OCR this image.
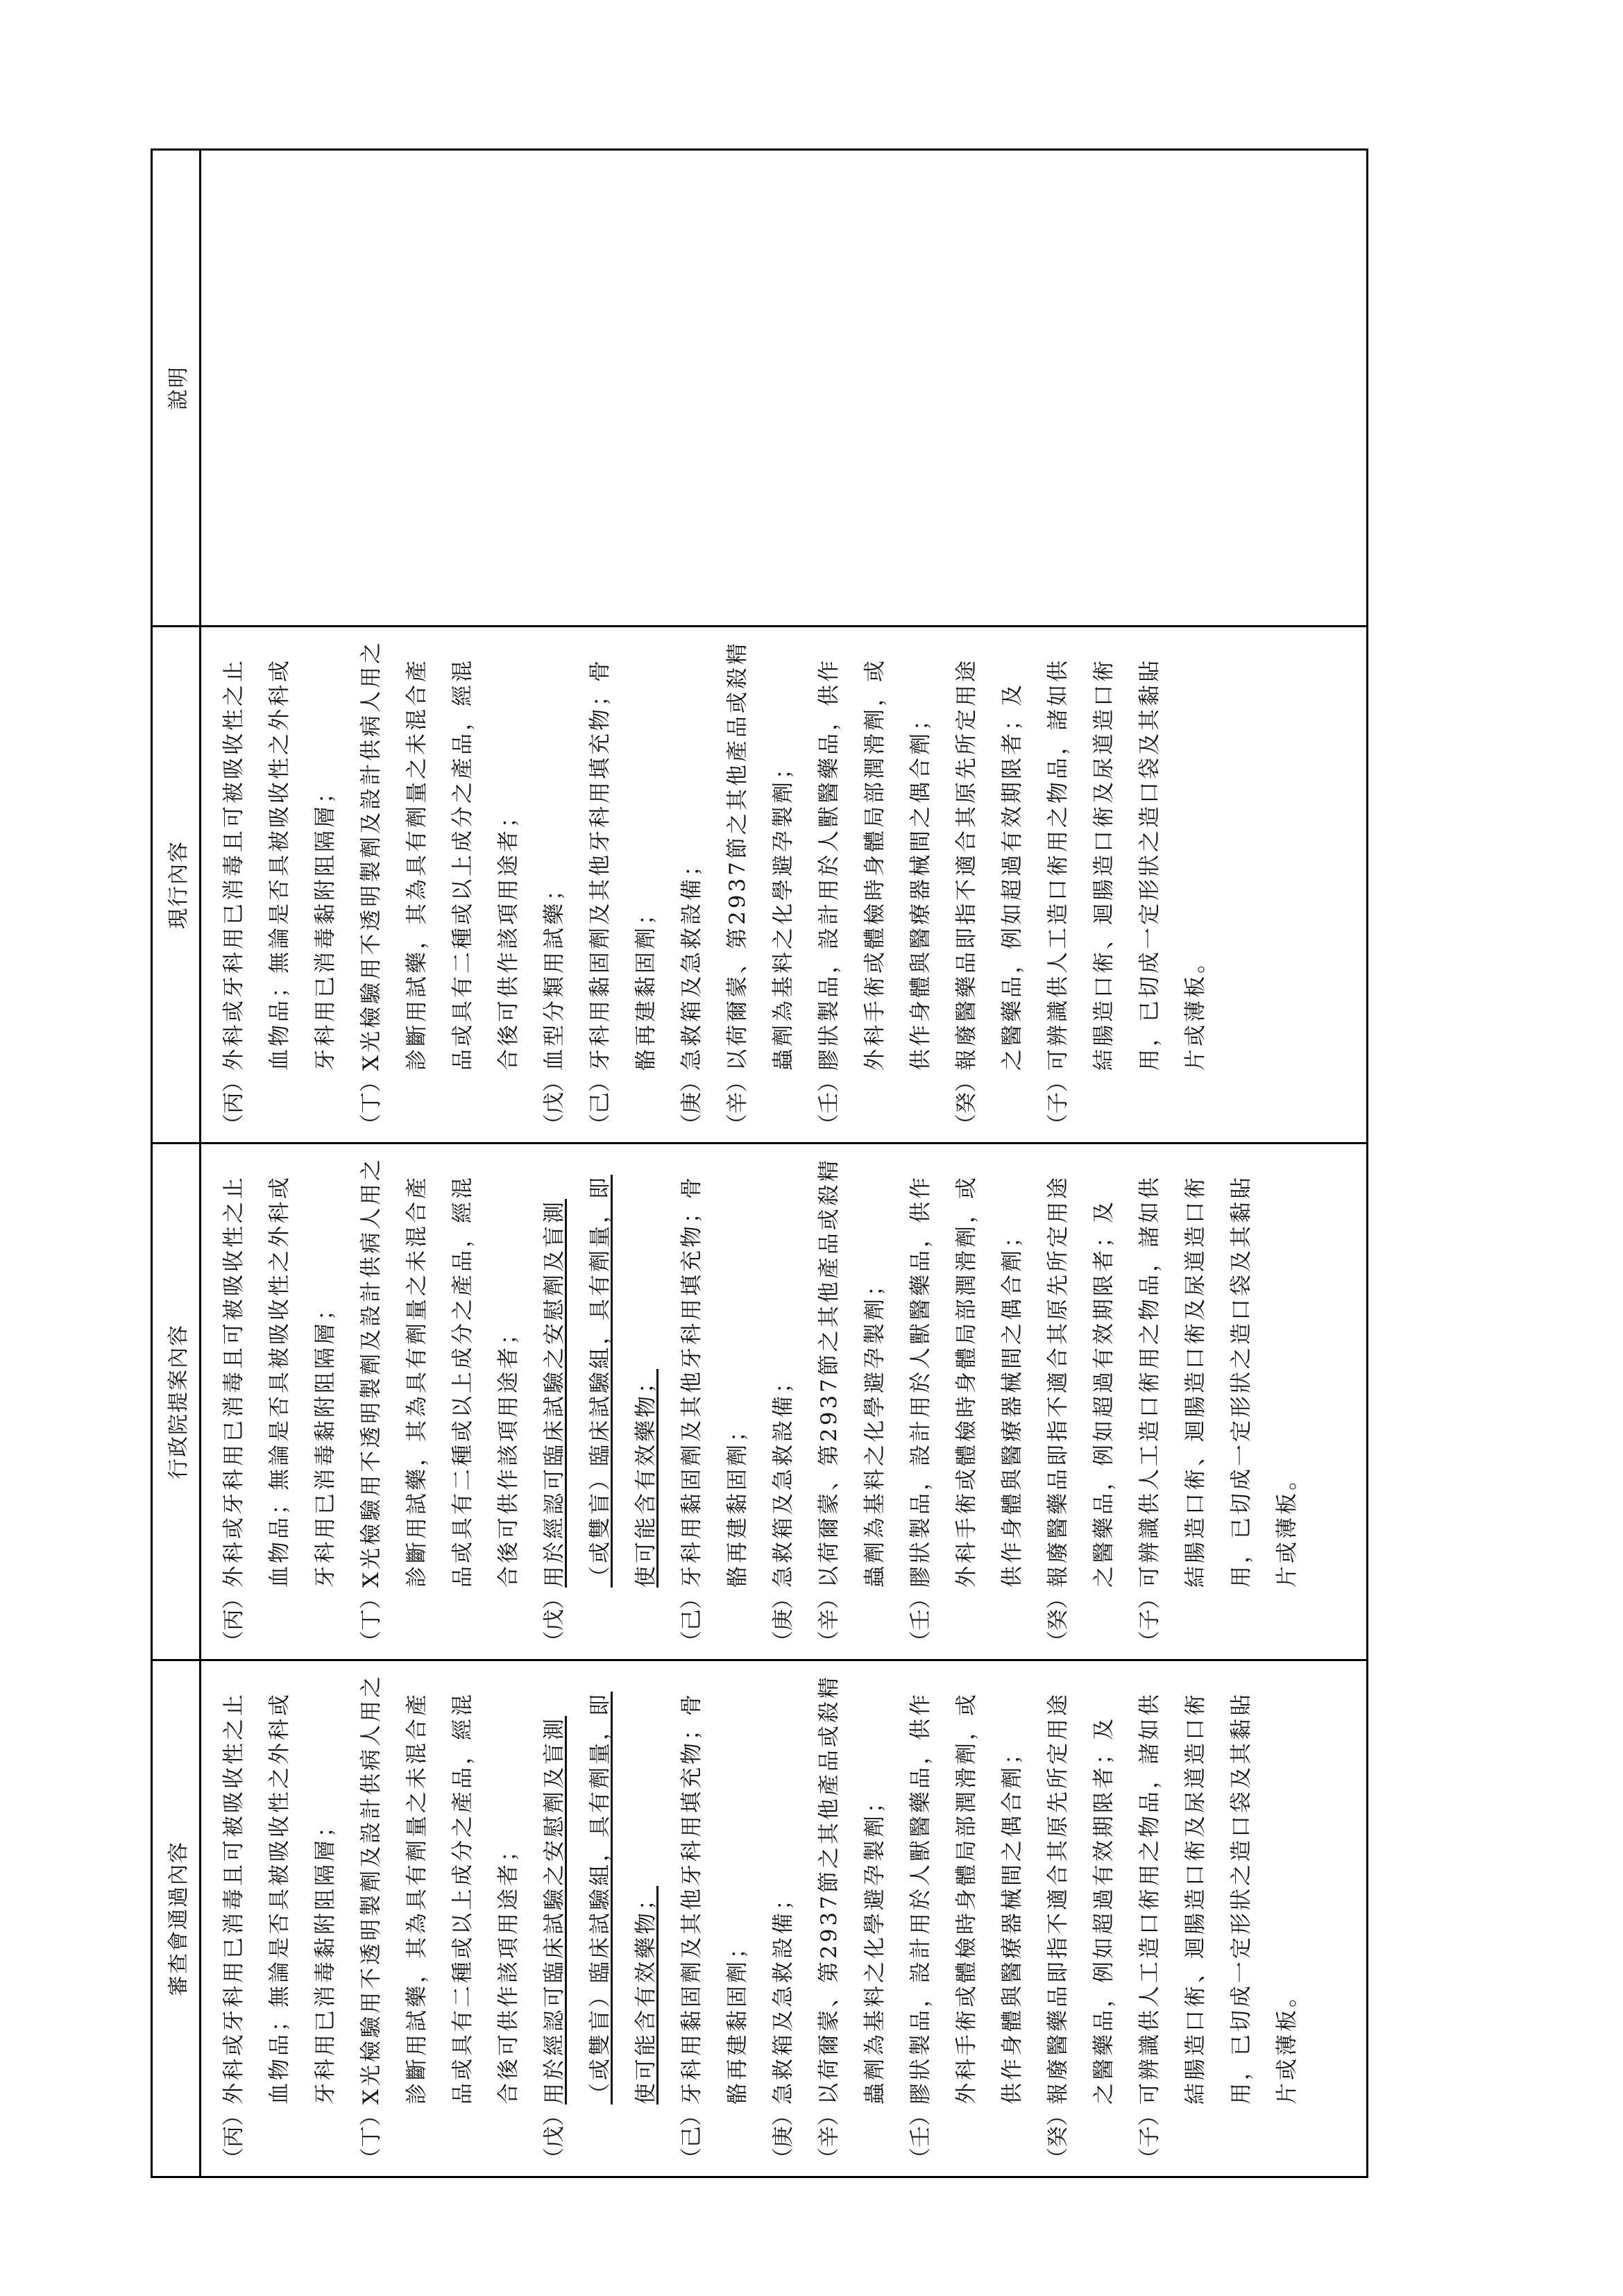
審查會通過內容
（丙）
外科或牙科用已消毒且可被吸收性之止血物品；無論是否具被吸收性之外科或牙科用已消毒黏附阻隔層；
（丁）
X光檢驗用不透明製劑及設計供病人用之診斷用試藥，其為具有劑量之未混合產品或具有二種或以上成分之產品，經混合後可供作該項用途者；
（戊）
用於經認可臨床試驗之安慰劑及盲測（或雙盲）臨床試驗組，具有劑量，即使可能含有效藥物；
（己）
牙科用黏固劑及其他牙科用填充物；骨骼再建黏固劑；
（庚）
急救箱及急救設備；
（辛）
以荷爾蒙、第2937節之其他產品或殺精蟲劑為基料之化學避孕製劑；
（壬）
膠狀製品，設計用於人獸醫藥品，供作外科手術或體檢時身體局部潤滑劑，或供作身體與醫療器械間之偶合劑；
（癸）
報廢醫藥品即指不適合其原先所定用途之醫藥品，例如超過有效期限者；及
（子）
可辨識供人工造口術用之物品，諸如供結腸造口術、迴腸造口術及尿道造口術用，已切成一定形狀之造口袋及其黏貼片或薄板。
行政院提案內容
（丙）
外科或牙科用已消毒且可被吸收性之止血物品；無論是否具被吸收性之外科或牙科用已消毒黏附阻隔層；
（丁）
X光檢驗用不透明製劑及設計供病人用之診斷用試藥，其為具有劑量之未混合產品或具有二種或以上成分之產品，經混合後可供作該項用途者；
（戊）
用於經認可臨床試驗之安慰劑及盲測（或雙盲）臨床試驗組，具有劑量，即使可能含有效藥物；
（己）
牙科用黏固劑及其他牙科用填充物；骨骼再建黏固劑；
（庚）
急救箱及急救設備；
（辛）
以荷爾蒙、第2937節之其他產品或殺精蟲劑為基料之化學避孕製劑；
（壬）
膠狀製品，設計用於人獸醫藥品，供作外科手術或體檢時身體局部潤滑劑，或供作身體與醫療器械間之偶合劑；
（癸）
報廢醫藥品即指不適合其原先所定用途之醫藥品，例如超過有效期限者；及
（子）
可辨識供人工造口術用之物品，諸如供結腸造口術、迴腸造口術及尿道造口術用，已切成一定形狀之造口袋及其黏貼片或薄板。
現行內容
（丙）
外科或牙科用已消毒且可被吸收性之止血物品；無論是否具被吸收性之外科或牙科用已消毒黏附阻隔層；
（丁）
X光檢驗用不透明製劑及設計供病人用之診斷用試藥，其為具有劑量之未混合產品或具有二種或以上成分之產品，經混合後可供作該項用途者；
（戊）
血型分類用試藥；
（己）
牙科用黏固劑及其他牙科用填充物；骨骼再建黏固劑；
（庚）
急救箱及急救設備；
（辛）
以荷爾蒙、第2937節之其他產品或殺精蟲劑為基料之化學避孕製劑；
（壬）
膠狀製品，設計用於人獸醫藥品，供作外科手術或體檢時身體局部潤滑劑，或供作身體與醫療器械間之偶合劑；
（癸）
報廢醫藥品即指不適合其原先所定用途之醫藥品，例如超過有效期限者；及
（子）
可辨識供人工造口術用之物品，諸如供結腸造口術、迴腸造口術及尿道造口術用，已切成一定形狀之造口袋及其黏貼片或薄板。
說明
